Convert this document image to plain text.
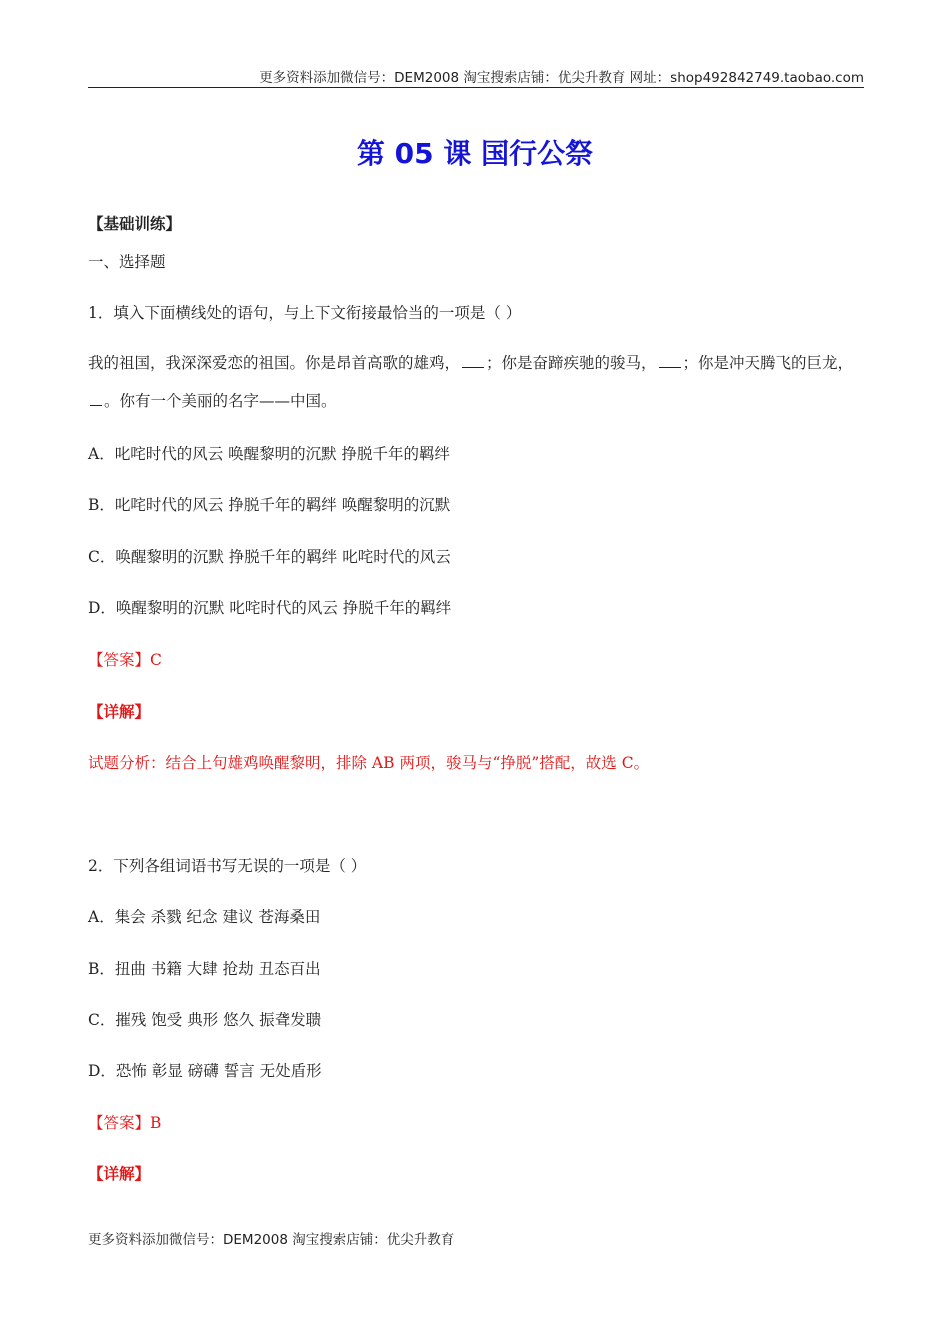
更多资料添加微信号：DEM2008 淘宝搜索店铺：优尖升教育 网址：shop492842749.taobao.com
第 05 课 国行公祭
【基础训练】
一、选择题
1．填入下面横线处的语句，与上下文衔接最恰当的一项是（ ）
我的祖国，我深深爱恋的祖国。你是昂首高歌的雄鸡， ；你是奋蹄疾驰的骏马， ；你是冲天腾飞的巨龙，。你有一个美丽的名字——中国。
A．叱咤时代的风云 唤醒黎明的沉默 挣脱千年的羁绊
B．叱咤时代的风云 挣脱千年的羁绊 唤醒黎明的沉默
C．唤醒黎明的沉默 挣脱千年的羁绊 叱咤时代的风云
D．唤醒黎明的沉默 叱咤时代的风云 挣脱千年的羁绊
【答案】C
【详解】
试题分析：结合上句雄鸡唤醒黎明，排除 AB 两项，骏马与“挣脱”搭配，故选 C。
2．下列各组词语书写无误的一项是（ ）
A．集会 杀戮 纪念 建议 苍海桑田
B．扭曲 书籍 大肆 抢劫 丑态百出
C．摧残 饱受 典形 悠久 振聋发聩
D．恐怖 彰显 磅礴 誓言 无处盾形
【答案】B
【详解】
更多资料添加微信号：DEM2008 淘宝搜索店铺：优尖升教育
